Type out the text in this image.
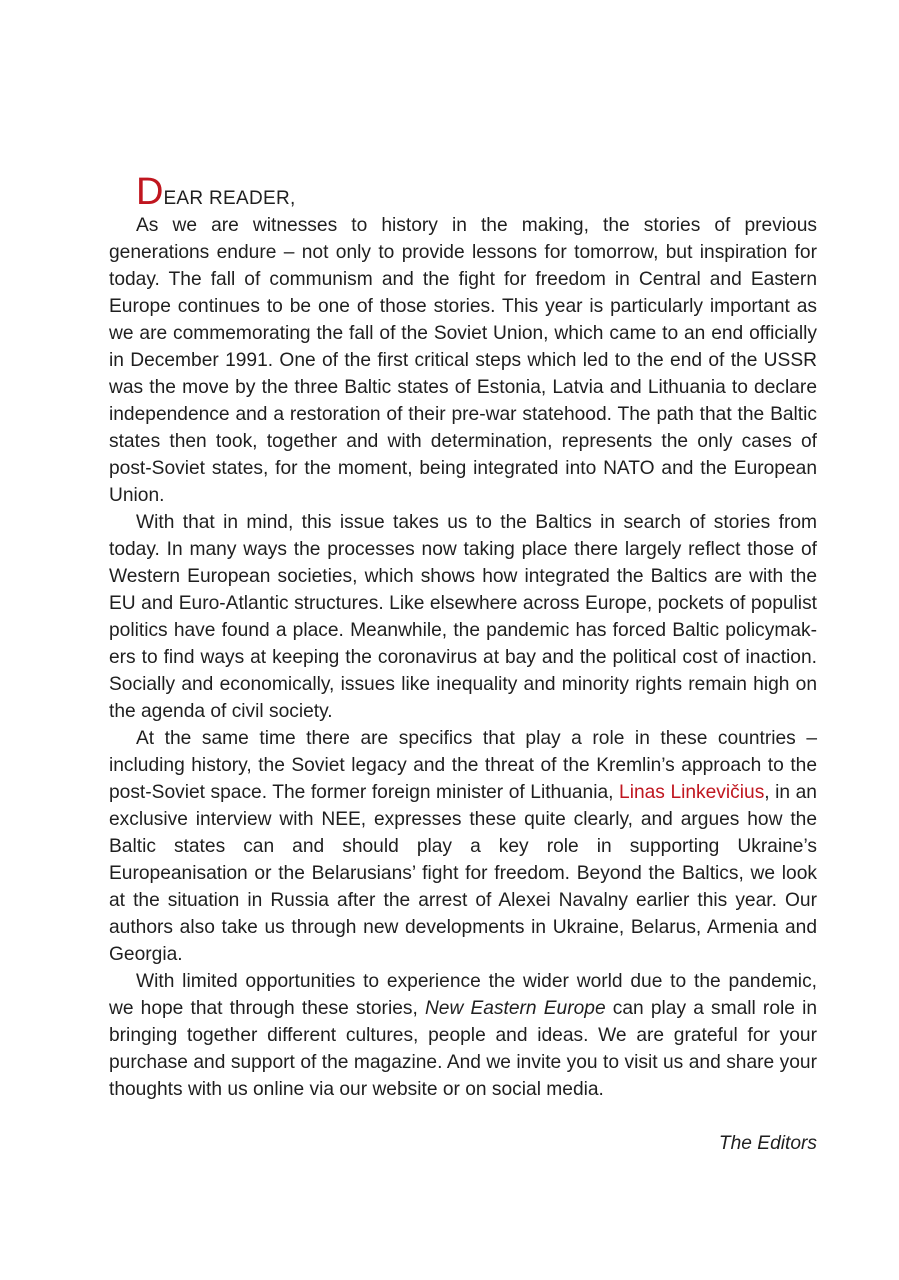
DEAR READER,

As we are witnesses to history in the making, the stories of previous generations endure – not only to provide lessons for tomorrow, but inspiration for today. The fall of communism and the fight for freedom in Central and Eastern Europe continues to be one of those stories. This year is particularly important as we are commemorating the fall of the Soviet Union, which came to an end officially in December 1991. One of the first critical steps which led to the end of the USSR was the move by the three Baltic states of Estonia, Latvia and Lithuania to declare independence and a restoration of their pre-war statehood. The path that the Baltic states then took, together and with determination, represents the only cases of post-Soviet states, for the moment, being integrated into NATO and the European Union.

With that in mind, this issue takes us to the Baltics in search of stories from today. In many ways the processes now taking place there largely reflect those of Western European societies, which shows how integrated the Baltics are with the EU and Euro-Atlantic structures. Like elsewhere across Europe, pockets of populist politics have found a place. Meanwhile, the pandemic has forced Baltic policymakers to find ways at keeping the coronavirus at bay and the political cost of inaction. Socially and economically, issues like inequality and minority rights remain high on the agenda of civil society.

At the same time there are specifics that play a role in these countries – including history, the Soviet legacy and the threat of the Kremlin’s approach to the post-Soviet space. The former foreign minister of Lithuania, Linas Linkevičius, in an exclusive interview with NEE, expresses these quite clearly, and argues how the Baltic states can and should play a key role in supporting Ukraine’s Europeanisation or the Belarusians’ fight for freedom. Beyond the Baltics, we look at the situation in Russia after the arrest of Alexei Navalny earlier this year. Our authors also take us through new developments in Ukraine, Belarus, Armenia and Georgia.

With limited opportunities to experience the wider world due to the pandemic, we hope that through these stories, New Eastern Europe can play a small role in bringing together different cultures, people and ideas. We are grateful for your purchase and support of the magazine. And we invite you to visit us and share your thoughts with us online via our website or on social media.

The Editors
